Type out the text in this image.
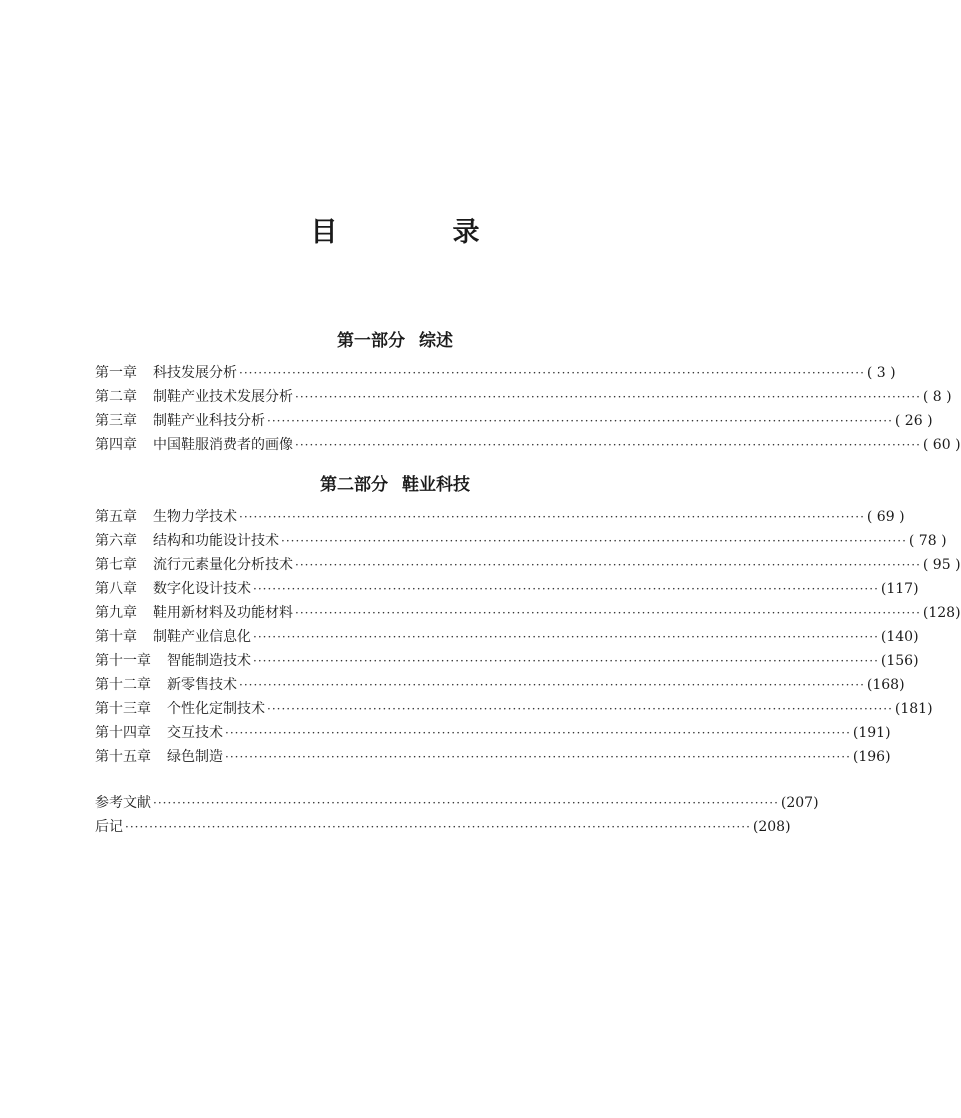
目　录
第一部分 综述
第一章 科技发展分析 ·································································································································· ( 3 )
第二章 制鞋产业技术发展分析 ·································································································································· ( 8 )
第三章 制鞋产业科技分析 ·································································································································· ( 26 )
第四章 中国鞋服消费者的画像 ·································································································································· ( 60 )
第二部分 鞋业科技
第五章 生物力学技术 ·································································································································· ( 69 )
第六章 结构和功能设计技术 ·································································································································· ( 78 )
第七章 流行元素量化分析技术 ·································································································································· ( 95 )
第八章 数字化设计技术 ·································································································································· (117)
第九章 鞋用新材料及功能材料 ·································································································································· (128)
第十章 制鞋产业信息化 ·································································································································· (140)
第十一章 智能制造技术 ·································································································································· (156)
第十二章 新零售技术 ·································································································································· (168)
第十三章 个性化定制技术 ·································································································································· (181)
第十四章 交互技术 ·································································································································· (191)
第十五章 绿色制造 ·································································································································· (196)
参考文献 ·································································································································· (207)
后记 ·································································································································· (208)
